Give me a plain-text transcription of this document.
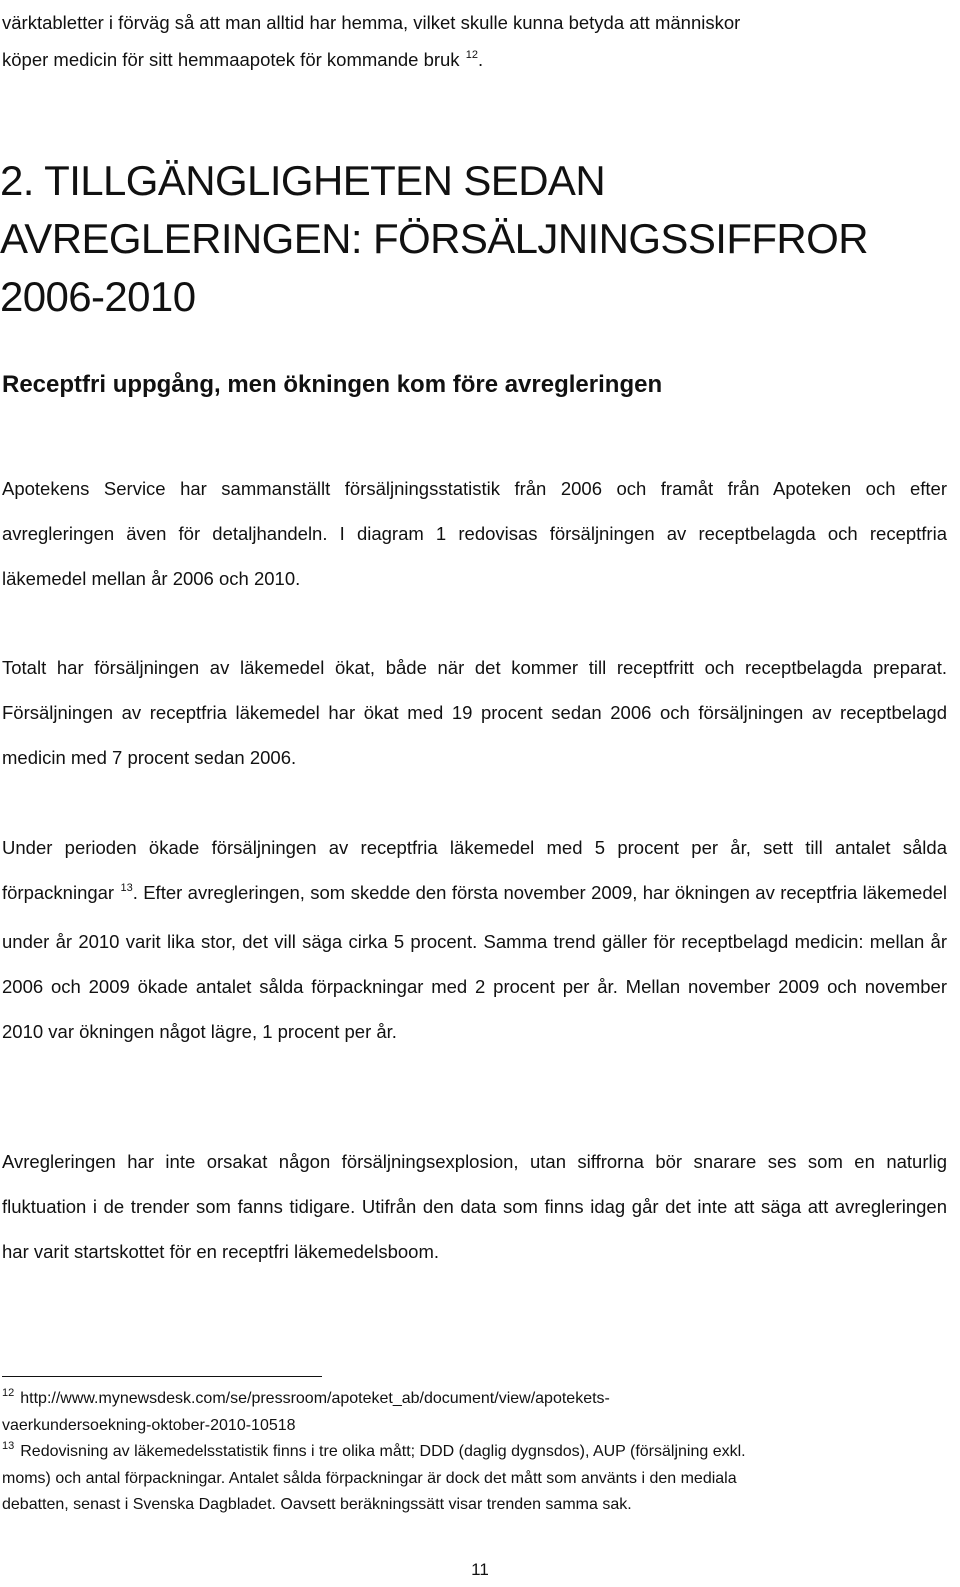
värktabletter i förväg så att man alltid har hemma, vilket skulle kunna betyda att människor
köper medicin för sitt hemmaapotek för kommande bruk $^{12}$.

2. TILLGÄNGLIGHETEN SEDAN
AVREGLERINGEN: FÖRSÄLJNINGSSIFFROR
2006-2010
Receptfri uppgång, men ökningen kom före avregleringen

Apotekens Service har sammanställt försäljningsstatistik från 2006 och framåt från Apoteken och efter avregleringen även för detaljhandeln. I diagram 1 redovisas försäljningen av receptbelagda och receptfria läkemedel mellan år 2006 och 2010.

Totalt har försäljningen av läkemedel ökat, både när det kommer till receptfritt och receptbelagda preparat. Försäljningen av receptfria läkemedel har ökat med 19 procent sedan 2006 och försäljningen av receptbelagd medicin med 7 procent sedan 2006.

Under perioden ökade försäljningen av receptfria läkemedel med 5 procent per år, sett till antalet sålda förpackningar $^{13}$. Efter avregleringen, som skedde den första november 2009, har ökningen av receptfria läkemedel under år 2010 varit lika stor, det vill säga cirka 5 procent. Samma trend gäller för receptbelagd medicin: mellan år 2006 och 2009 ökade antalet sålda förpackningar med 2 procent per år. Mellan november 2009 och november 2010 var ökningen något lägre, 1 procent per år.

Avregleringen har inte orsakat någon försäljningsexplosion, utan siffrorna bör snarare ses som en naturlig fluktuation i de trender som fanns tidigare. Utifrån den data som finns idag går det inte att säga att avregleringen har varit startskottet för en receptfri läkemedelsboom.

$^{12}$ http://www.mynewsdesk.com/se/pressroom/apoteket_ab/document/view/apotekets-
vaerkundersoekning-oktober-2010-10518

$^{13}$ Redovisning av läkemedelsstatistik finns i tre olika mått; DDD (daglig dygnsdos), AUP (försäljning exkl.
moms) och antal förpackningar. Antalet sålda förpackningar är dock det mått som använts i den mediala
debatten, senast i Svenska Dagbladet. Oavsett beräkningssätt visar trenden samma sak.

11
